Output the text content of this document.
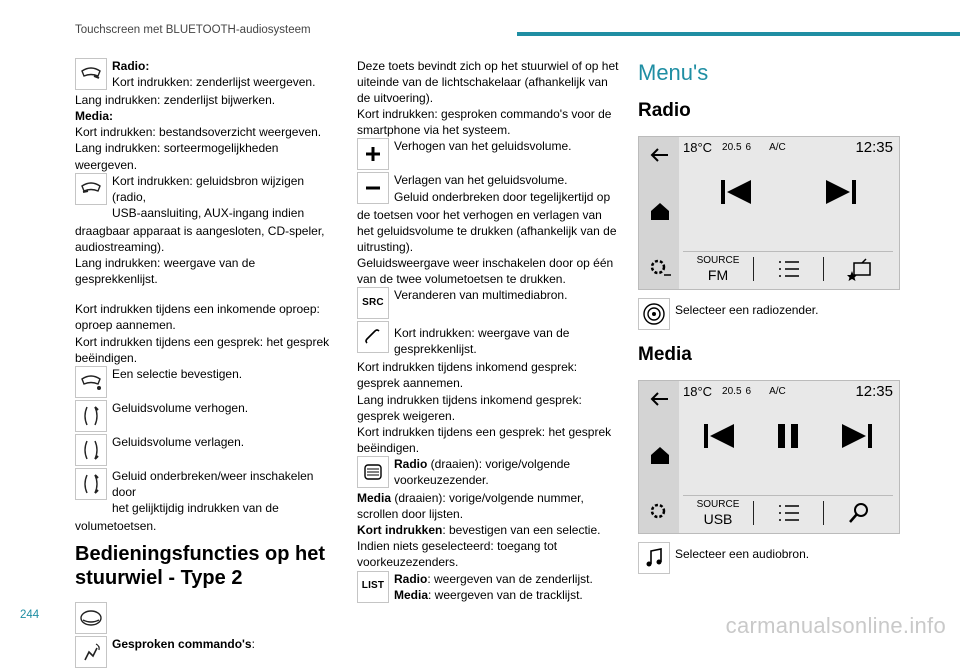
Touchscreen met BLUETOOTH-audiosysteem
Radio:
Kort indrukken: zenderlijst weergeven.
Lang indrukken: zenderlijst bijwerken.
Media:
Kort indrukken: bestandsoverzicht weergeven.
Lang indrukken: sorteermogelijkheden weergeven.
Kort indrukken: geluidsbron wijzigen (radio,
USB-aansluiting, AUX-ingang indien
draagbaar apparaat is aangesloten, CD-speler, audiostreaming).
Lang indrukken: weergave van de gesprekkenlijst.
Kort indrukken tijdens een inkomende oproep: oproep aannemen.
Kort indrukken tijdens een gesprek: het gesprek beëindigen.
Een selectie bevestigen.
Geluidsvolume verhogen.
Geluidsvolume verlagen.
Geluid onderbreken/weer inschakelen door
het gelijktijdig indrukken van de
volumetoetsen.
Bedieningsfuncties op het stuurwiel - Type 2
Gesproken commando's:
Deze toets bevindt zich op het stuurwiel of op het uiteinde van de lichtschakelaar (afhankelijk van de uitvoering).
Kort indrukken: gesproken commando's voor de smartphone via het systeem.
Verhogen van het geluidsvolume.
Verlagen van het geluidsvolume.
Geluid onderbreken door tegelijkertijd op
de toetsen voor het verhogen en verlagen van het geluidsvolume te drukken (afhankelijk van de uitrusting).
Geluidsweergave weer inschakelen door op één van de twee volumetoetsen te drukken.
SRC
Veranderen van multimediabron.
Kort indrukken: weergave van de gesprekkenlijst.
Kort indrukken tijdens inkomend gesprek: gesprek aannemen.
Lang indrukken tijdens inkomend gesprek: gesprek weigeren.
Kort indrukken tijdens een gesprek: het gesprek beëindigen.
Radio (draaien): vorige/volgende voorkeuzezender.
Media (draaien): vorige/volgende nummer, scrollen door lijsten.
Kort indrukken: bevestigen van een selectie. Indien niets geselecteerd: toegang tot voorkeuzezenders.
LIST
Radio: weergeven van de zenderlijst.
Media: weergeven van de tracklijst.
Menu's
Radio
18°C 20.5 6 A/C	12:35
SOURCE
FM
Selecteer een radiozender.
Media
18°C 20.5 6 A/C	12:35
SOURCE
USB
Selecteer een audiobron.
244	carmanualsonline.info
